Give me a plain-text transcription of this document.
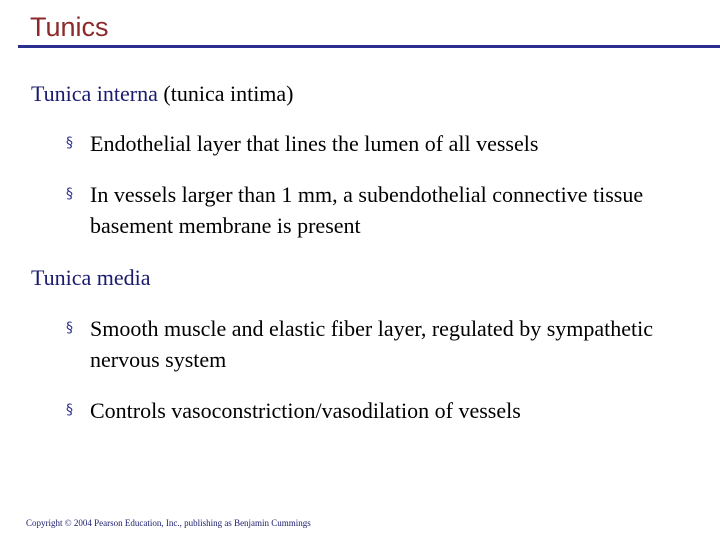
Tunics
Tunica interna (tunica intima)
§ Endothelial layer that lines the lumen of all vessels
§ In vessels larger than 1 mm, a subendothelial connective tissue basement membrane is present
Tunica media
§ Smooth muscle and elastic fiber layer, regulated by sympathetic nervous system
§ Controls vasoconstriction/vasodilation of vessels
Copyright © 2004 Pearson Education, Inc., publishing as Benjamin Cummings
